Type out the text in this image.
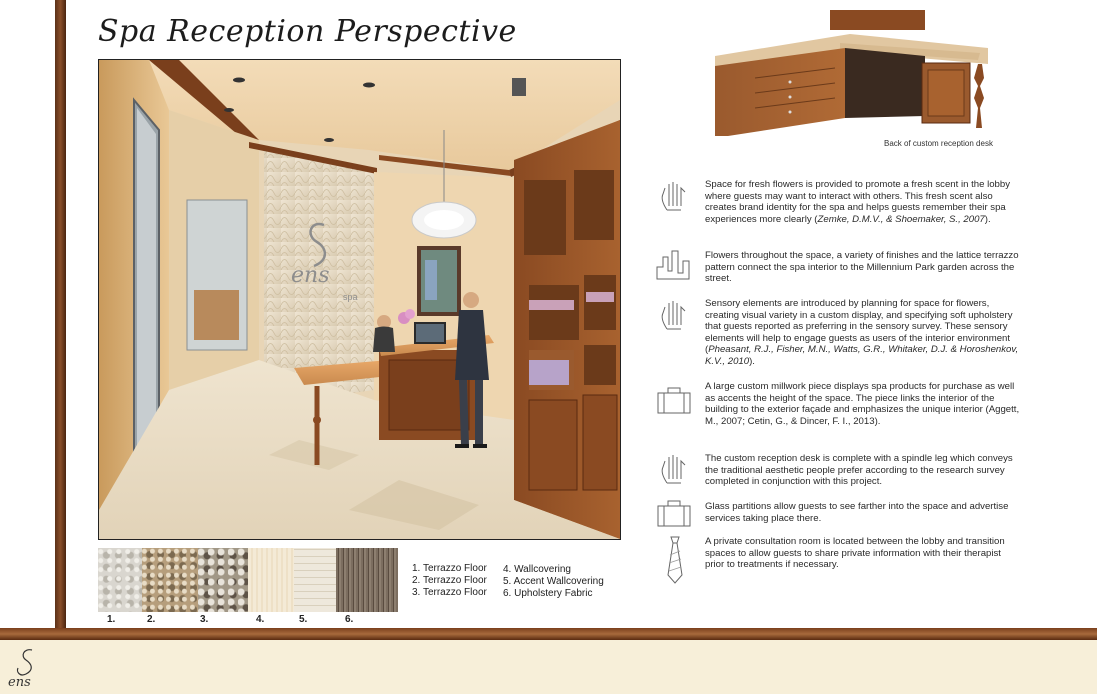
ens
Spa Reception Perspective
ens
spa
1.	2.	3.	4.	5.	6.
1. Terrazzo Floor
2. Terrazzo Floor
3. Terrazzo Floor
4. Wallcovering
5. Accent Wallcovering
6. Upholstery Fabric
Back of custom reception desk
Space for fresh flowers is provided to promote a fresh scent in the lobby where guests may want to interact with others. This fresh scent also creates brand identity for the spa and helps guests remember their spa experiences more clearly (Zemke, D.M.V., & Shoemaker, S., 2007).
Flowers throughout the space, a variety of finishes and the lattice terrazzo pattern connect the spa interior to the Millennium Park garden across the street.
Sensory elements are introduced by planning for space for flowers, creating visual variety in a custom display, and specifying soft upholstery that guests reported as preferring in the sensory survey. These sensory elements will help to engage guests as users of the interior environment (Pheasant, R.J., Fisher, M.N., Watts, G.R., Whitaker, D.J. & Horoshenkov, K.V., 2010).
A large custom millwork piece displays spa products for purchase as well as accents the height of the space. The piece links the interior of the building to the exterior façade and emphasizes the unique interior (Aggett, M., 2007; Cetin, G., & Dincer, F. I., 2013).
The custom reception desk is complete with a spindle leg which conveys the traditional aesthetic people prefer according to the research survey completed in conjunction with this project.
Glass partitions allow guests to see farther into the space and advertise services taking place there.
A private consultation room is located between the lobby and transition spaces to allow guests to share private information with their therapist prior to treatments if necessary.
